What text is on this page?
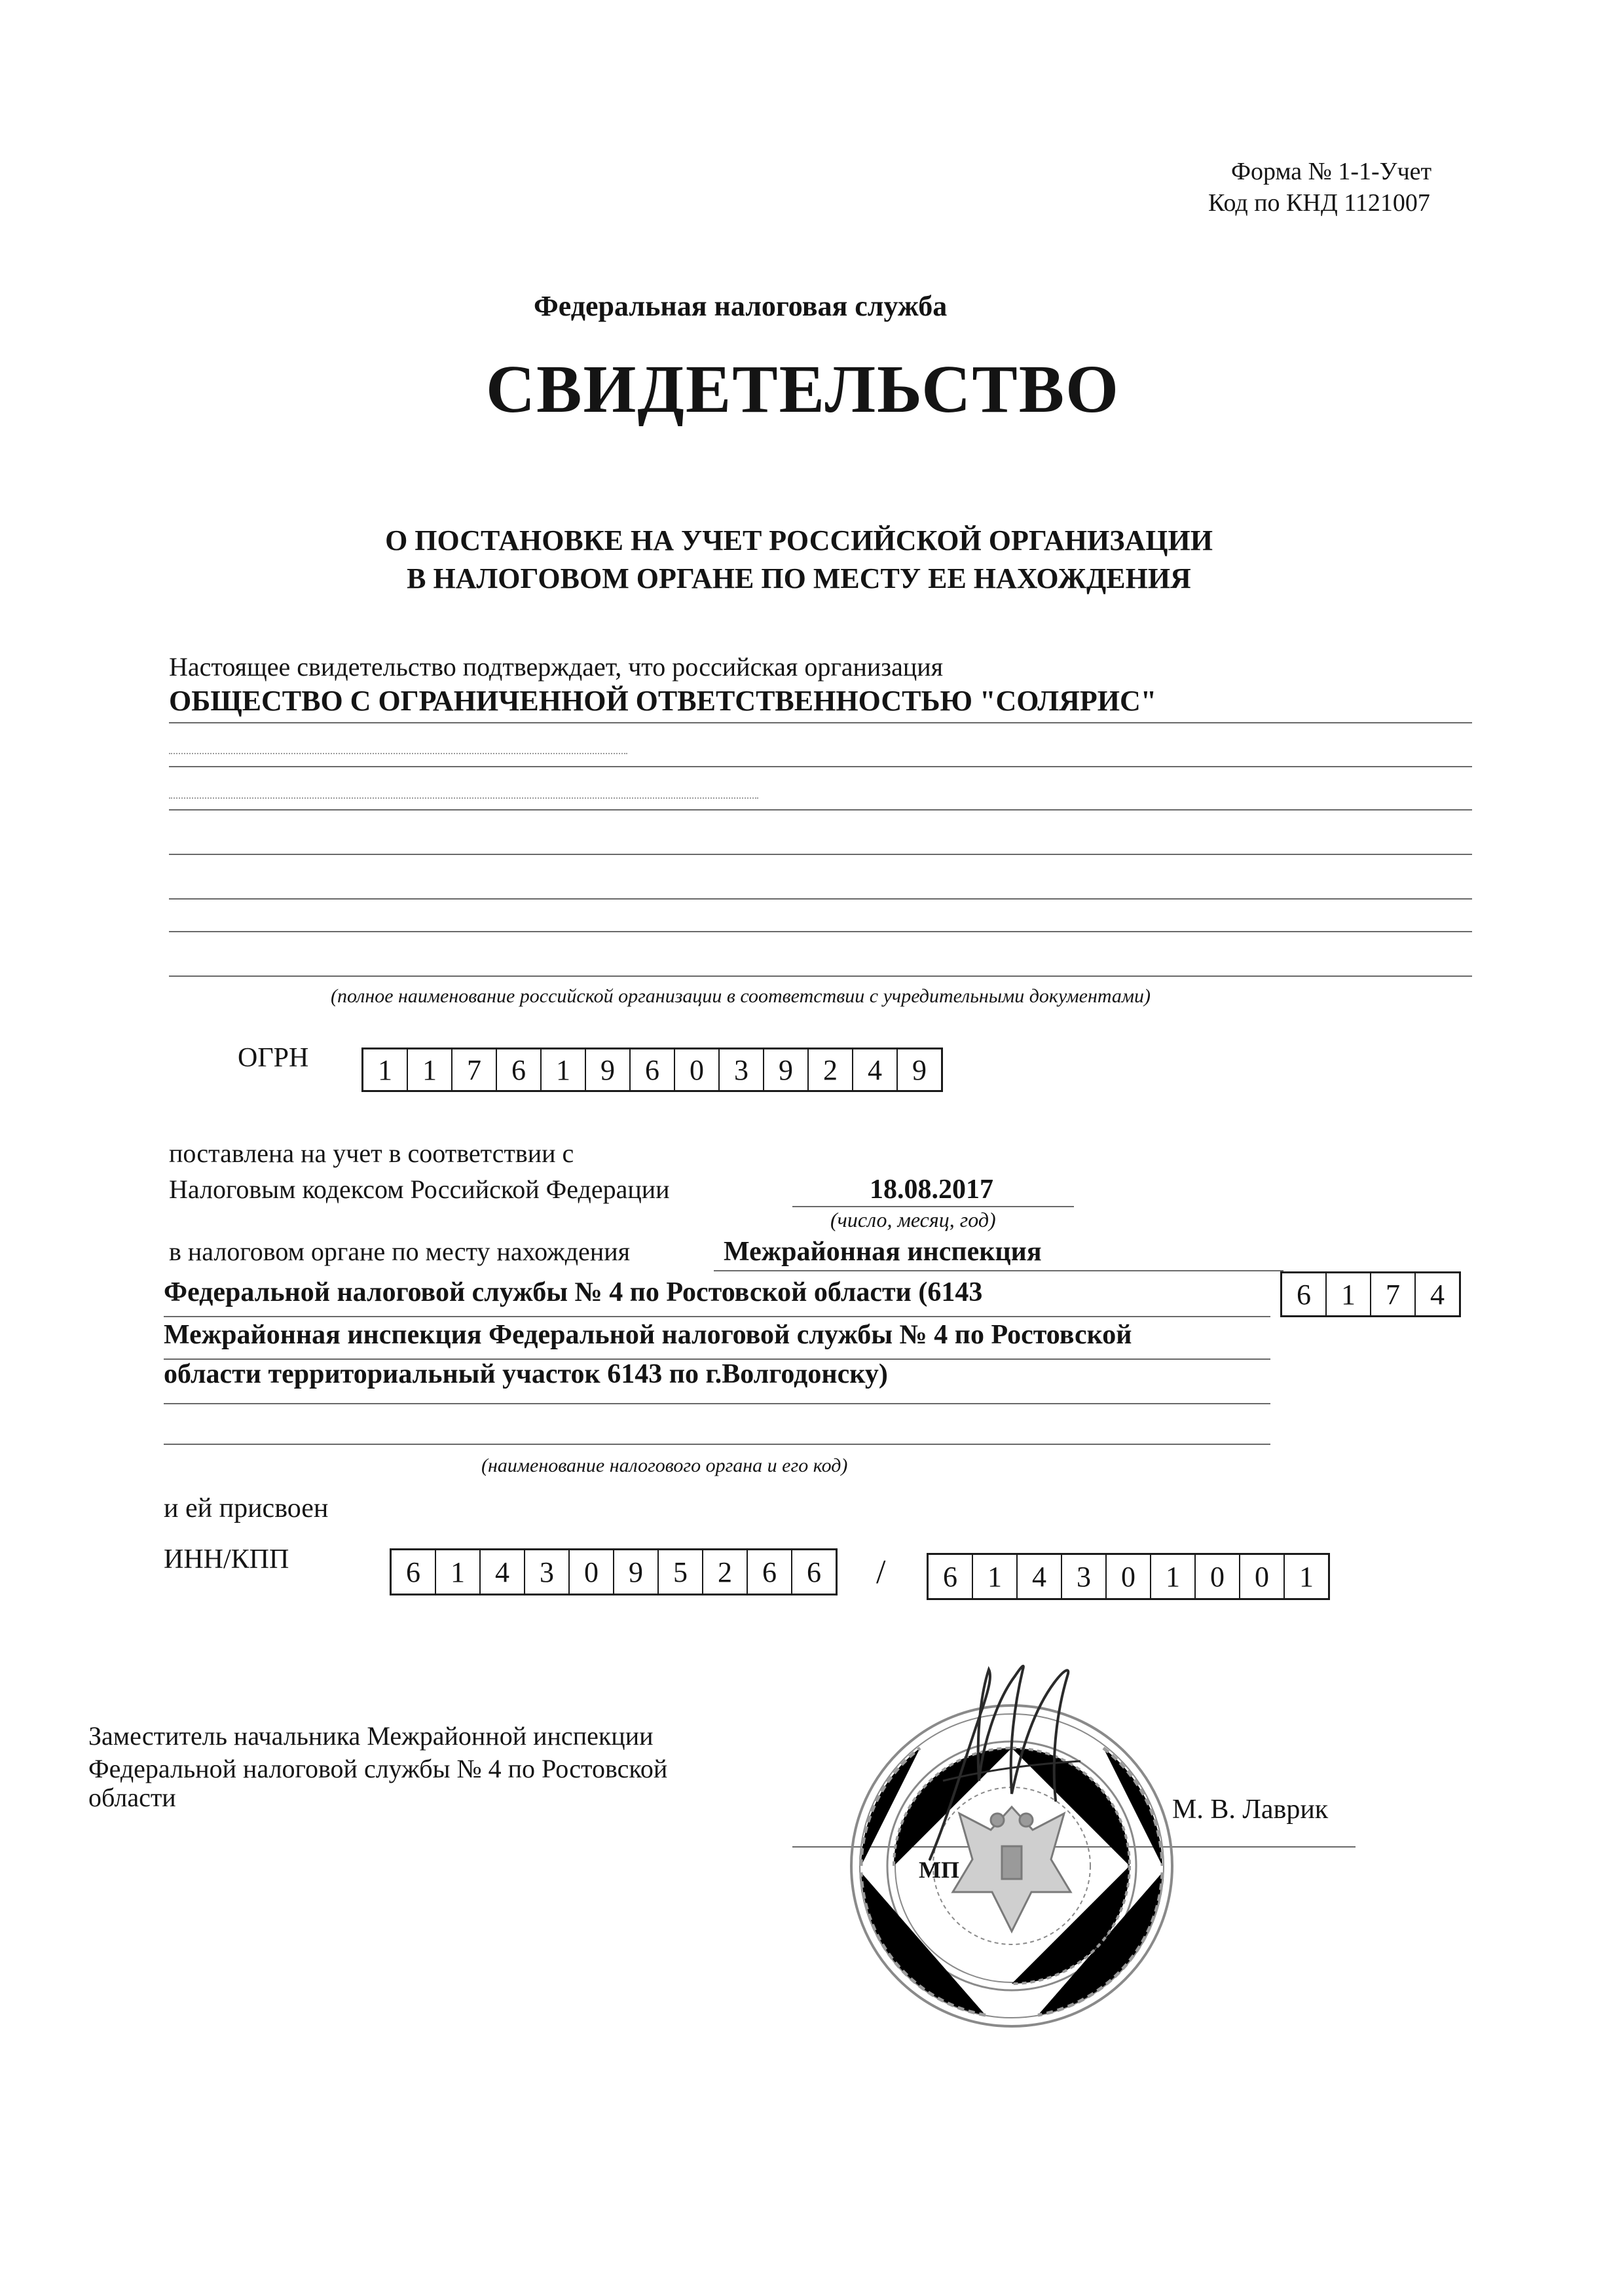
Форма № 1-1-Учет
Код по КНД 1121007
Федеральная налоговая служба
СВИДЕТЕЛЬСТВО
О ПОСТАНОВКЕ НА УЧЕТ РОССИЙСКОЙ ОРГАНИЗАЦИИ
В НАЛОГОВОМ ОРГАНЕ ПО МЕСТУ ЕЕ НАХОЖДЕНИЯ
Настоящее свидетельство подтверждает, что российская организация
ОБЩЕСТВО С ОГРАНИЧЕННОЙ ОТВЕТСТВЕННОСТЬЮ "СОЛЯРИС"
(полное наименование российской организации в соответствии с учредительными документами)
ОГРН	1	1	7	6	1	9	6	0	3	9	2	4	9
поставлена на учет в соответствии с
Налоговым кодексом Российской Федерации	18.08.2017
(число, месяц, год)
в налоговом органе по месту нахождения	Межрайонная инспекция
Федеральной налоговой службы № 4 по Ростовской области (6143	6	1	7	4
Межрайонная инспекция Федеральной налоговой службы № 4 по Ростовской
области территориальный участок 6143 по г.Волгодонску)
(наименование налогового органа и его код)
и ей присвоен
ИНН/КПП	6	1	4	3	0	9	5	2	6	6	/	6	1	4	3	0	1	0	0	1
Заместитель начальника Межрайонной инспекции
Федеральной налоговой службы № 4 по Ростовской
области	М. В. Лаврик
МП
